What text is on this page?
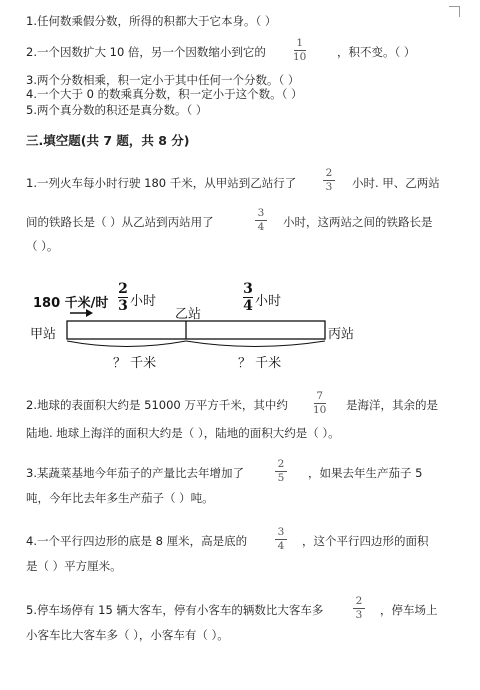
1.任何数乘假分数，所得的积都大于它本身。（ ）
2.一个因数扩大 10 倍，另一个因数缩小到它的
1
10	，积不变。（ ）
3.两个分数相乘，积一定小于其中任何一个分数。（ ）
4.一个大于 0 的数乘真分数，积一定小于这个数。（ ）
5.两个真分数的积还是真分数。（ ）
三.填空题(共 7 题，共 8 分)
1.一列火车每小时行驶 180 千米，从甲站到乙站行了
2
3 小时. 甲、乙两站
间的铁路长是（ ）从乙站到丙站用了
3
4 小时，这两站之间的铁路长是
（ ）。
180 千米/时
2
3 小时
3
4 小时
甲站
乙站
丙站
？ 千米	？ 千米
2.地球的表面积大约是 51000 万平方千米，其中约
7
10 是海洋，其余的是
陆地. 地球上海洋的面积大约是（ ），陆地的面积大约是（ ）。
3.某蔬菜基地今年茄子的产量比去年增加了
2
5 ，如果去年生产茄子 5
吨，今年比去年多生产茄子（ ）吨。
4.一个平行四边形的底是 8 厘米，高是底的
3
4 ，这个平行四边形的面积
是（ ）平方厘米。
5.停车场停有 15 辆大客车，停有小客车的辆数比大客车多
2
3 ，停车场上
小客车比大客车多（ ），小客车有（ ）。
